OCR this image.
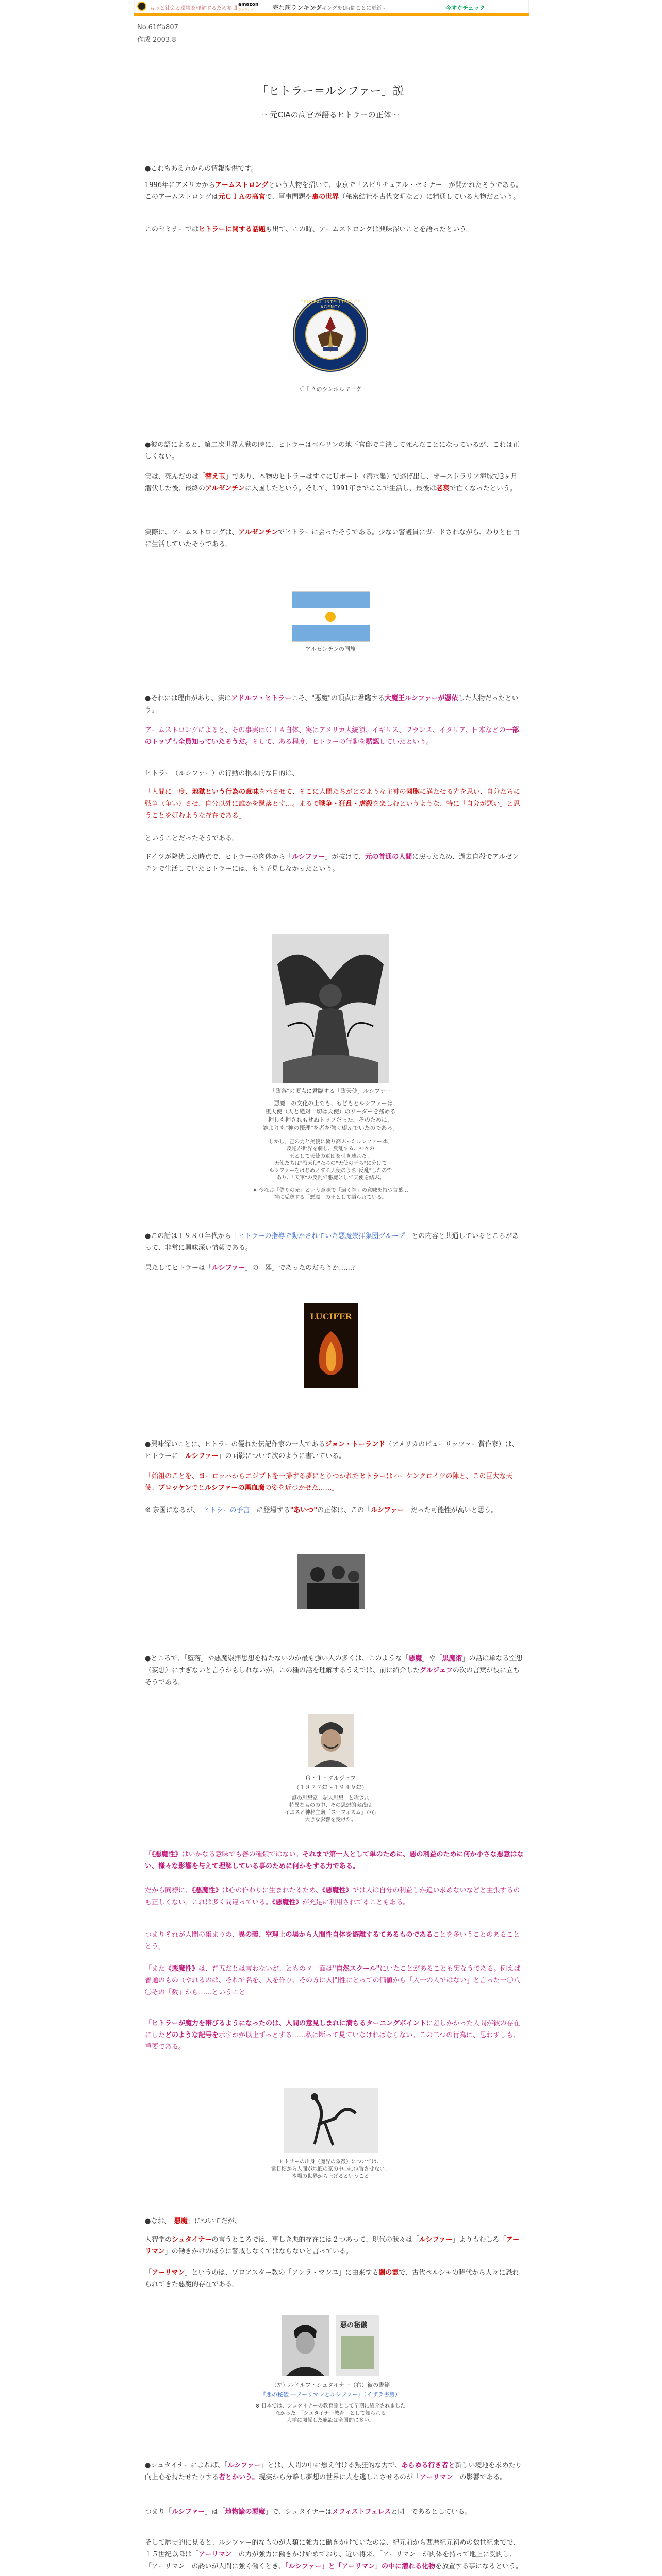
もっと社会と環境を理解するため参照
amazon
ランキング	売れ筋ランキング
ランキングを1時間ごとに更新 ‐	今すぐチェック
No.61ffa807
作成 2003.8
「ヒトラー＝ルシファー」説
〜元CIAの高官が語るヒトラーの正体〜
●これもある方からの情報提供です。
1996年にアメリカからアームストロングという人物を招いて、東京で「スピリチュアル・セミナー」が開かれたそうである。このアームストロングは元ＣＩＡの高官で、軍事問題や裏の世界（秘密結社や古代文明など）に精通している人物だという。
このセミナーではヒトラーに関する話題も出て、この時、アームストロングは興味深いことを語ったという。
CENTRAL INTELLIGENCE AGENCY
ＣＩＡのシンボルマーク
●彼の語によると、第二次世界大戦の時に、ヒトラーはベルリンの地下官邸で自決して死んだことになっているが、これは正しくない。
実は、死んだのは「替え玉」であり、本物のヒトラーはすぐにＵボート（潜水艦）で逃げ出し、オーストラリア海域で3ヶ月潜伏した後、最終のアルゼンチンに入国したという。そして、1991年までここで生活し、最後は老衰で亡くなったという。
実際に、アームストロングは、アルゼンチンでヒトラーに会ったそうである。少ない警護員にガードされながら、わりと自由に生活していたそうである。
アルゼンチンの国旗
●それには理由があり、実はアドルフ・ヒトラーこそ、"悪魔"の頂点に君臨する大魔王ルシファーが憑依した人物だったという。
アームストロングによると、その事実はＣＩＡ自体、実はアメリカ大統領、イギリス、フランス、イタリア、日本などの一部のトップも全員知っていたそうだ。そして、ある程度、ヒトラーの行動を黙認していたという。
ヒトラー（ルシファー）の行動の根本的な目的は、
「人間に一度、地獄という行為の意味を示させて、そこに人間たちがどのような主神の同胞に満たせる光を思い、自分たちに戦争（争い）させ、自分以外に誰かを蹴落とす…。まるで戦争・狂乱・虐殺を楽しむというような、特に「自分が悪い」と思うことを好むような存在である」
ということだったそうである。
ドイツが降伏した時点で、ヒトラーの肉体から「ルシファー」が抜けて、元の普通の人間に戻ったため、過去自殺でアルゼンチンで生活していたヒトラーには、もう予見しなかったという。
「堕落"の頂点に君臨する「堕天使」ルシファー
「悪魔」の文化の上でも、もどもとルシファーは
堕天使（人と絶対一切は天使）のリーダーを務める
押しも押されもせぬトップだった。そのために、
誰よりも"神の摂理"を者を強く望んでいたのである。
しかし、己の力と美貌に驕り高ぶったルシファーは、
反逆が世界を劇し、反乱する、神々の
王として天使の軍団を引き連れた。
天使たちは"戦天使"たちの"天使の子ら"に分けて
ルシファーをはじめとする天使のうち"反乱"したので
あり、「天軍"の反乱で悪魔として天使を結ぶ。
※ 今なお「偽りの光」という意味で「遍く神」の意味を持つ言葉…
神に反逆する「悪魔」の王として語られている。
●この話は１９８０年代から「ヒトラーの指導で動かされていた悪魔崇拝集団グループ」との内容と共通しているところがあって、非常に興味深い情報である。
果たしてヒトラーは「ルシファー」の「器」であったのだろうか……？
LUCIFER
●興味深いことに、ヒトラーの優れた伝記作家の一人であるジョン・トーランド（アメリカのピューリッツァー賞作家）は、ヒトラーに「ルシファー」の面影について次のように書いている。
「始祖のことを、ヨーロッパからエジプトを一掃する夢にとりつかれたヒトラーはハーケンクロイツの陣と、この巨大な天使、ブロッケンでとルシファーの黒血魔の姿を近づかせた……」
※ 奈国になるが、「ヒトラーの予言」に登場する"あいつ"の正体は、この「ルシファー」だった可能性が高いと思う。
●ところで、「堕落」や悪魔崇拝思想を持たないのか最も強い人の多くは、このような「悪魔」や「黒魔術」の話は単なる空想（妄想）にすぎないと言うかもしれないが、この種の話を理解するうえでは、前に紹介したグルジェフの次の言葉が役に立ちそうである。
Ｇ・Ｉ・グルジェフ
（１８７７年〜１９４９年）
謎の思想家「超人思想」と称され
特異なものの中、その思想的実践は
イエスと神秘主義「スーフィズム」から
大きな影響を受けた。
「《悪魔性》はいかなる意味でも善の種類ではない。それまで第一人として単のために、悪の利益のために何か小さな悪意はない、様々な影響を与えて理解している事のために何かをする力である。
だから同様に、《悪魔性》は心の作わりに生まれたるため、《悪魔性》では人は自分の利益しか追い求めないなどと主張するのも正しくない。これは多く間違っている。《悪魔性》が充足に利用されてることもある。
つまりそれが人間の集まりの、異の義、空理上の場から人間性自体を遊離するてあるものであることを多いうことのあることとう。
「また《悪魔性》は、普五だとは言わないが、とものゞ一面は"自然スクール"にいたことがあることも実なうである。例えば普通のもの（やれるのは、それで名を、人を作り、その方に人間性にとっての価値から「入一の人ではない」と言った一〇八〇その「数」から……ということ
「ヒトラーが魔力を帯びるようになったのは、人間の意見しまれに満ちるターニングポイントに差しかかった人間が彼の存在にしたどのような記号を示すかが以上ずっとする……私は断って見ていなければならない。この二つの行為は、思わずしも、重要である。
ヒトラーの出身（魔界の象徴）については、
常日頃から人間が地底の家の中心に位置させない。
本場の世界から上げるということ
●なお、「悪魔」についてだが、
人智学のシュタイナーの言うところでは、事しき悪的存在には２つあって、現代の我々は「ルシファー」よりもむしろ「アーリマン」の働きかけのほうに警戒しなくてはならないと言っている。
「アーリマン」というのは、ゾロアスター教の「アンラ・マンユ」に由来する闇の霊で、古代ペルシャの時代から人々に恐れられてきた悪魔的存在である。
悪の秘儀
（左）ルドルフ・シュタイナー（右）彼の書籍
『悪の秘儀 ―アーリマンとルシファー』（イザラ書房）
※ 日本では、シュタイナーの教育論として早期に紹介されました
なかった。「シュタイナー教育」として知られる
大学に関係した施設は全国的に多い。
●シュタイナーによれば、「ルシファー」とは、人間の中に燃え付ける熱狂的な力で、あらゆる行き者と新しい境地を求めたり向上心を持たせたりする者とかいう。現実から分離し夢想の世界に人を逃しこさせるのが「アーリマン」の影響である。
つまり「ルシファー」は「地物論の悪魔」で、シュタイナーはメフィストフェレスと同一であるとしている。
そして歴史的に見ると、ルシファー的なものが人類に強力に働きかけていたのは、紀元前から西暦紀元初めの数世紀までで、１５世紀以降は「アーリマン」の力が強力に働きかけ始めており、近い将来、「アーリマン」が肉体を持って地上に受肉し、「アーリマン」の誘いが人間に強く働くとき、「ルシファー」と「アーリマン」の中に潜れる化物を放置する事になるという。
